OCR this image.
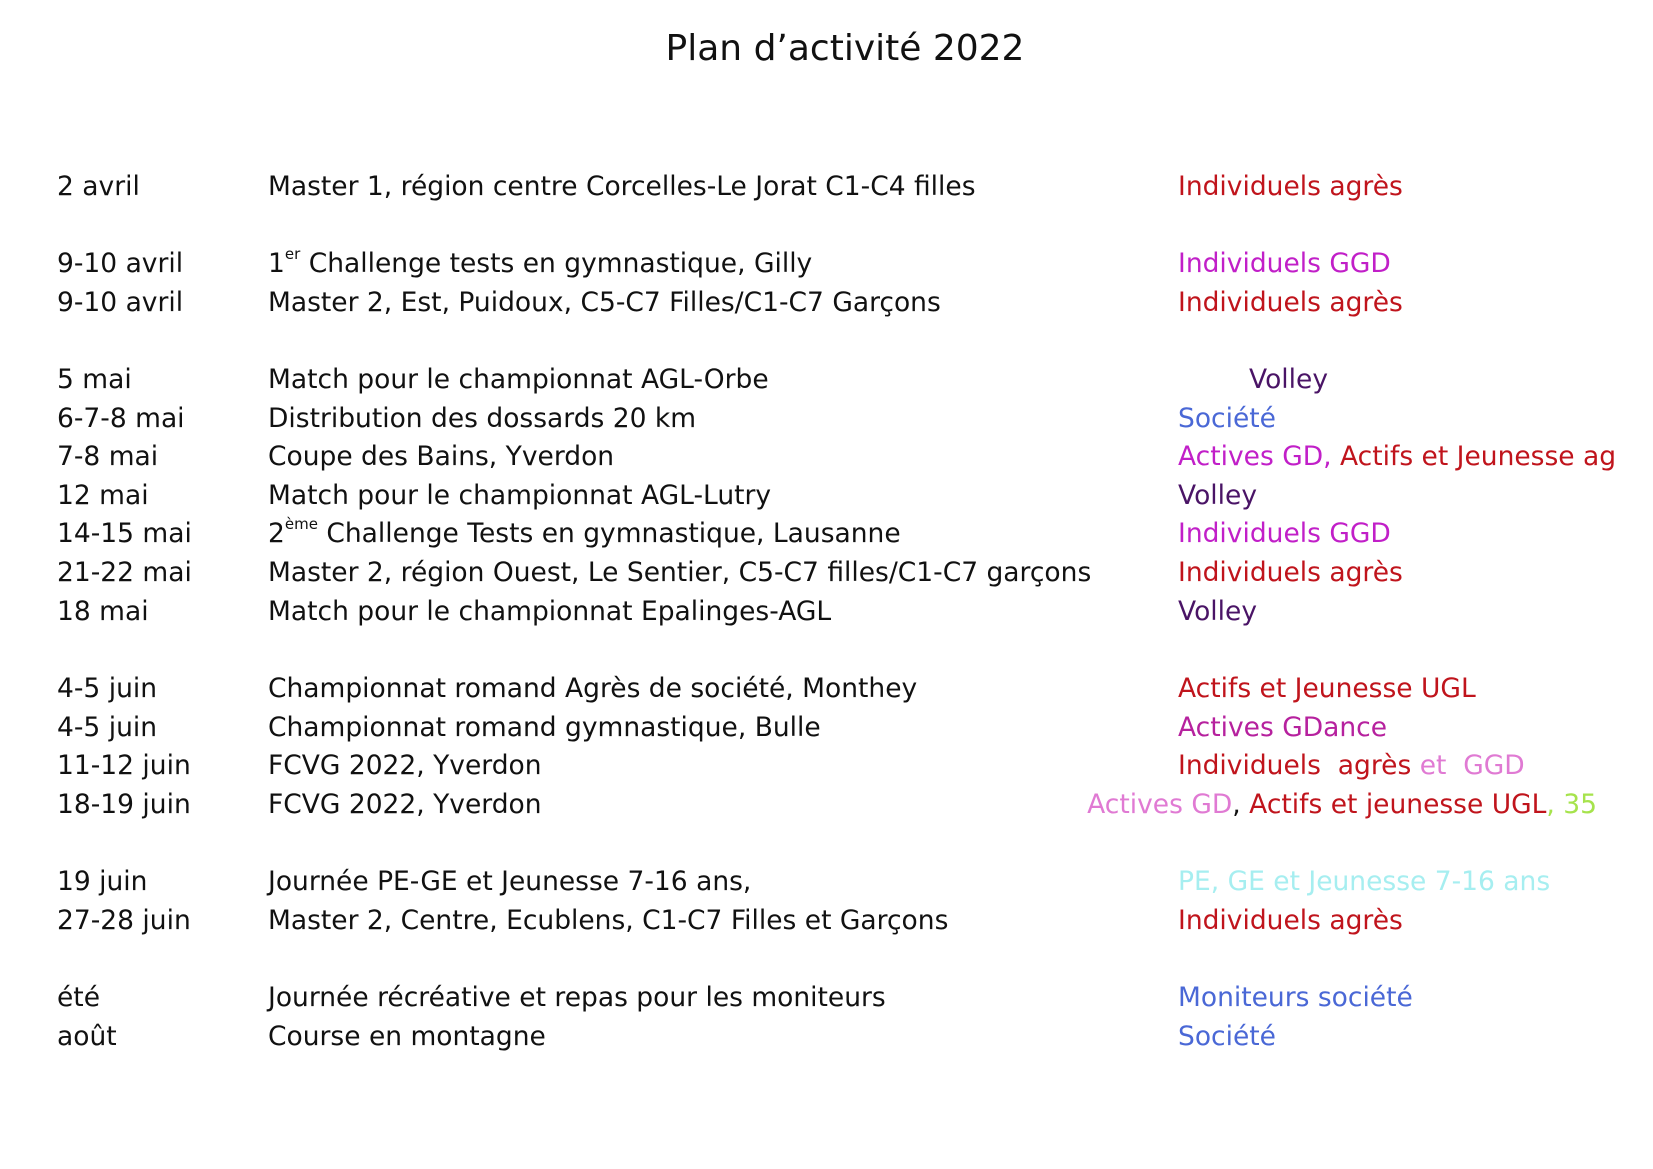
Plan d’activité 2022
2 avril	Master 1, région centre Corcelles-Le Jorat C1-C4 filles	Individuels agrès
9-10 avril	1er Challenge tests en gymnastique, Gilly	Individuels GGD
9-10 avril	Master 2, Est, Puidoux, C5-C7 Filles/C1-C7 Garçons	Individuels agrès
5 mai	Match pour le championnat AGL-Orbe	Volley
6-7-8 mai	Distribution des dossards 20 km	Société
7-8 mai	Coupe des Bains, Yverdon	Actives GD, Actifs et Jeunesse ag
12 mai	Match pour le championnat AGL-Lutry	Volley
14-15 mai	2ème Challenge Tests en gymnastique, Lausanne	Individuels GGD
21-22 mai	Master 2, région Ouest, Le Sentier, C5-C7 filles/C1-C7 garçons	Individuels agrès
18 mai	Match pour le championnat Epalinges-AGL	Volley
4-5 juin	Championnat romand Agrès de société, Monthey	Actifs et Jeunesse UGL
4-5 juin	Championnat romand gymnastique, Bulle	Actives GDance
11-12 juin	FCVG 2022, Yverdon	Individuels  agrès et  GGD
18-19 juin	FCVG 2022, Yverdon	Actives GD, Actifs et jeunesse UGL, 35
19 juin	Journée PE-GE et Jeunesse 7-16 ans,	PE, GE et Jeunesse 7-16 ans
27-28 juin	Master 2, Centre, Ecublens, C1-C7 Filles et Garçons	Individuels agrès
été	Journée récréative et repas pour les moniteurs	Moniteurs société
août	Course en montagne	Société
